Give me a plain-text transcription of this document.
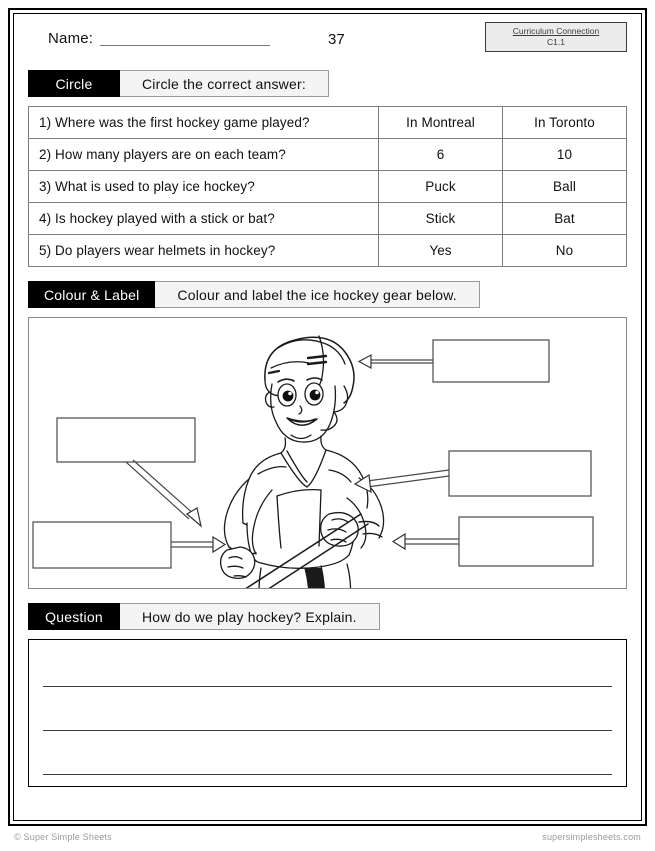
Name:	37	Curriculum Connection
C1.1
Circle	Circle the correct answer:
1) Where was the first hockey game played?	In Montreal	In Toronto
2) How many players are on each team?	6	10
3) What is used to play ice hockey?	Puck	Ball
4) Is hockey played with a stick or bat?	Stick	Bat
5) Do players wear helmets in hockey?	Yes	No
Colour & Label	Colour and label the ice hockey gear below.
Question	How do we play hockey? Explain.
© Super Simple Sheets	supersimplesheets.com
